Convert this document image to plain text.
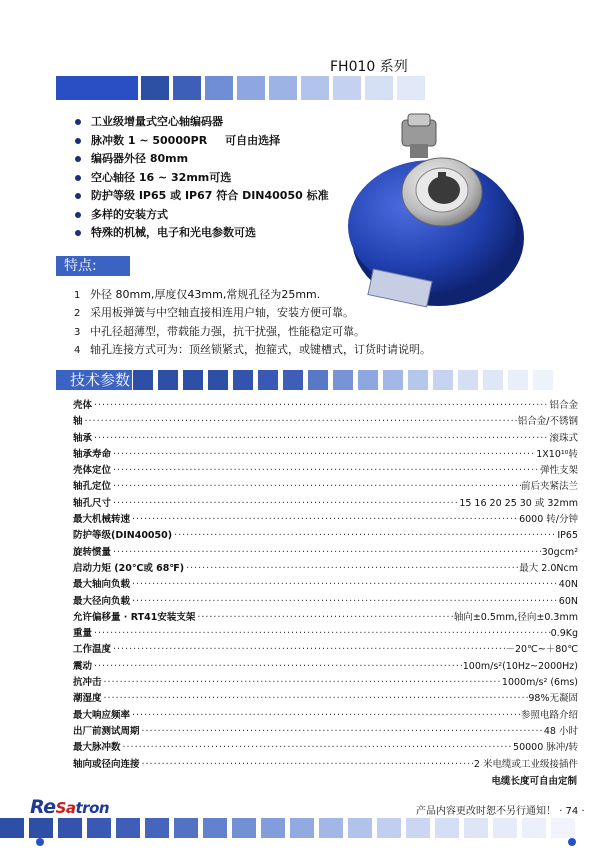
FH010 系列
工业级增量式空心轴编码器
脉冲数 1 ~ 50000PR 可自由选择
编码器外径 80mm
空心轴径 16 ~ 32mm可选
防护等级 IP65 或 IP67 符合 DIN40050 标准
多样的安装方式
特殊的机械，电子和光电参数可选
特点:
1 外径 80mm,厚度仅43mm,常规孔径为25mm.
2 采用板弹簧与中空轴直接相连用户轴，安装方便可靠。
3 中孔径超薄型，带载能力强，抗干扰强，性能稳定可靠。
4 轴孔连接方式可为：顶丝锁紧式，抱箍式，或键槽式，订货时请说明。
技术参数
壳体 ·····	铝合金
轴 ·····	铝合金/不锈钢
轴承 ·····	滚珠式
轴承寿命 ·····	1X10¹⁰转
壳体定位 ·····	弹性支架
轴孔定位 ·····	前后夹紧法兰
轴孔尺寸 ·····	15 16 20 25 30 或 32mm
最大机械转速 ·····	6000 转/分钟
防护等级(DIN40050) ·····	IP65
旋转惯量 ·····	30gcm²
启动力矩 (20℃或 68℉) ·····	最大 2.0Ncm
最大轴向负载 ·····	40N
最大径向负载 ·····	60N
允许偏移量 · RT41安装支架 ·····	轴向±0.5mm,径向±0.3mm
重量 ·····	0.9Kg
工作温度 ·····	－20℃~＋80℃
震动 ·····	100m/s²(10Hz~2000Hz)
抗冲击 ·····	1000m/s² (6ms)
潮湿度 ·····	98%无凝固
最大响应频率 ·····	参照电路介绍
出厂前测试周期 ·····	48 小时
最大脉冲数 ·····	50000 脉冲/转
轴向或径向连接 ·····	2 米电缆或工业级接插件
电缆长度可自由定制
ReSatron	产品内容更改时恕不另行通知！ · 74 ·
